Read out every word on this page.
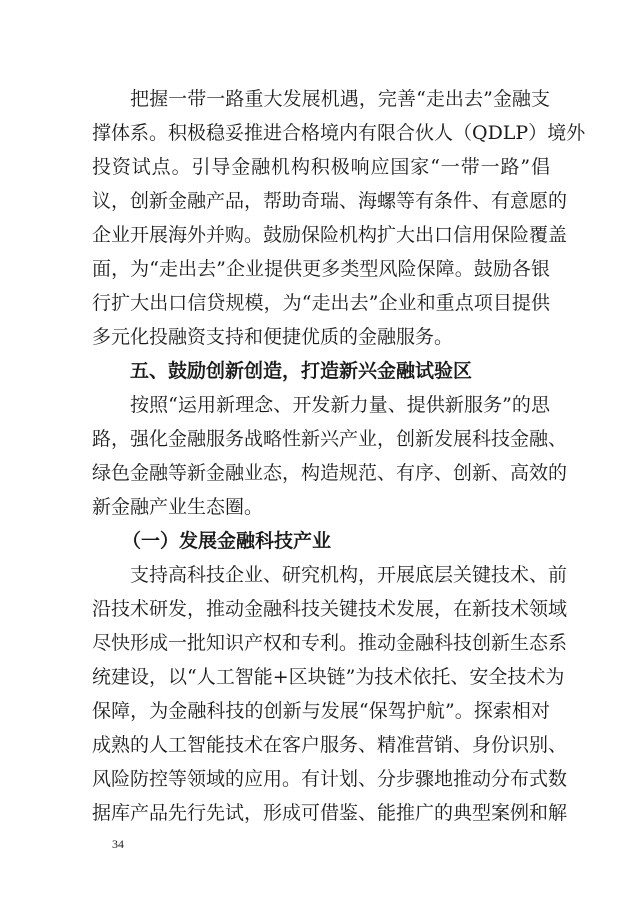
把握一带一路重大发展机遇，完善“走出去”金融支
撑体系。积极稳妥推进合格境内有限合伙人（QDLP）境外
投资试点。引导金融机构积极响应国家“一带一路”倡
议，创新金融产品，帮助奇瑞、海螺等有条件、有意愿的
企业开展海外并购。鼓励保险机构扩大出口信用保险覆盖
面，为“走出去”企业提供更多类型风险保障。鼓励各银
行扩大出口信贷规模，为“走出去”企业和重点项目提供
多元化投融资支持和便捷优质的金融服务。
五、鼓励创新创造，打造新兴金融试验区
按照“运用新理念、开发新力量、提供新服务”的思
路，强化金融服务战略性新兴产业，创新发展科技金融、
绿色金融等新金融业态，构造规范、有序、创新、高效的
新金融产业生态圈。
（一）发展金融科技产业
支持高科技企业、研究机构，开展底层关键技术、前
沿技术研发，推动金融科技关键技术发展，在新技术领域
尽快形成一批知识产权和专利。推动金融科技创新生态系
统建设，以“人工智能+区块链”为技术依托、安全技术为
保障，为金融科技的创新与发展“保驾护航”。探索相对
成熟的人工智能技术在客户服务、精准营销、身份识别、
风险防控等领域的应用。有计划、分步骤地推动分布式数
据库产品先行先试，形成可借鉴、能推广的典型案例和解
34
